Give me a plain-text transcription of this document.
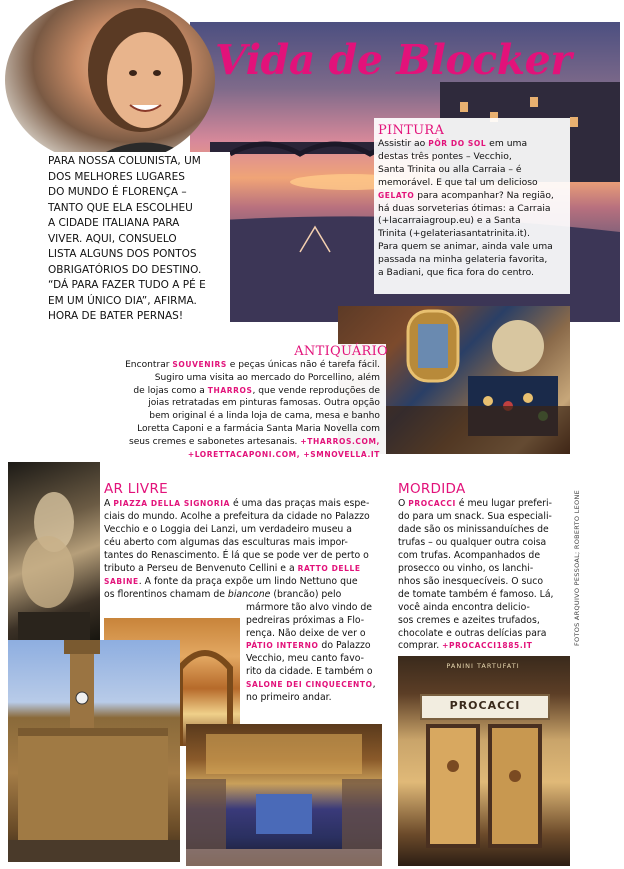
Vida de Blocker
PARA NOSSA COLUNISTA, UM
DOS MELHORES LUGARES
DO MUNDO É FLORENÇA –
TANTO QUE ELA ESCOLHEU
A CIDADE ITALIANA PARA
VIVER. AQUI, CONSUELO
LISTA ALGUNS DOS PONTOS
OBRIGATÓRIOS DO DESTINO.
“DÁ PARA FAZER TUDO A PÉ E
EM UM ÚNICO DIA”, AFIRMA.
HORA DE BATER PERNAS!
PINTURA
Assistir ao PÔR DO SOL em uma
destas três pontes – Vecchio,
Santa Trinita ou alla Carraia – é
memorável. E que tal um delicioso
GELATO para acompanhar? Na região,
há duas sorveterias ótimas: a Carraia
(+lacarraiagroup.eu) e a Santa
Trinita (+gelateriasantatrinita.it).
Para quem se animar, ainda vale uma
passada na minha gelateria favorita,
a Badiani, que fica fora do centro.
ANTIQUÁRIO
Encontrar SOUVENIRS e peças únicas não é tarefa fácil.
Sugiro uma visita ao mercado do Porcellino, além
de lojas como a THARROS, que vende reproduções de
joias retratadas em pinturas famosas. Outra opção
bem original é a linda loja de cama, mesa e banho
Loretta Caponi e a farmácia Santa Maria Novella com
seus cremes e sabonetes artesanais. +THARROS.COM,
+LORETTACAPONI.COM, +SMNOVELLA.IT
AR LIVRE
A PIAZZA DELLA SIGNORIA é uma das praças mais espe-
ciais do mundo. Acolhe a prefeitura da cidade no Palazzo
Vecchio e o Loggia dei Lanzi, um verdadeiro museu a
céu aberto com algumas das esculturas mais impor-
tantes do Renascimento. É lá que se pode ver de perto o
tributo a Perseu de Benvenuto Cellini e a RATTO DELLE
SABINE. A fonte da praça expõe um lindo Nettuno que
os florentinos chamam de biancone (brancão) pelo
mármore tão alvo vindo de
pedreiras próximas a Flo-
rença. Não deixe de ver o
PÁTIO INTERNO do Palazzo
Vecchio, meu canto favo-
rito da cidade. E também o
SALONE DEI CINQUECENTO,
no primeiro andar.
MORDIDA
O PROCACCI é meu lugar preferi-
do para um snack. Sua especiali-
dade são os minissanduíches de
trufas – ou qualquer outra coisa
com trufas. Acompanhados de
prosecco ou vinho, os lanchi-
nhos são inesquecíveis. O suco
de tomate também é famoso. Lá,
você ainda encontra delicio-
sos cremes e azeites trufados,
chocolate e outras delícias para
comprar. +PROCACCI1885.IT	FOTOS ARQUIVO PESSOAL; ROBERTO LEONE
PANINI TARTUFATI
PROCACCI
